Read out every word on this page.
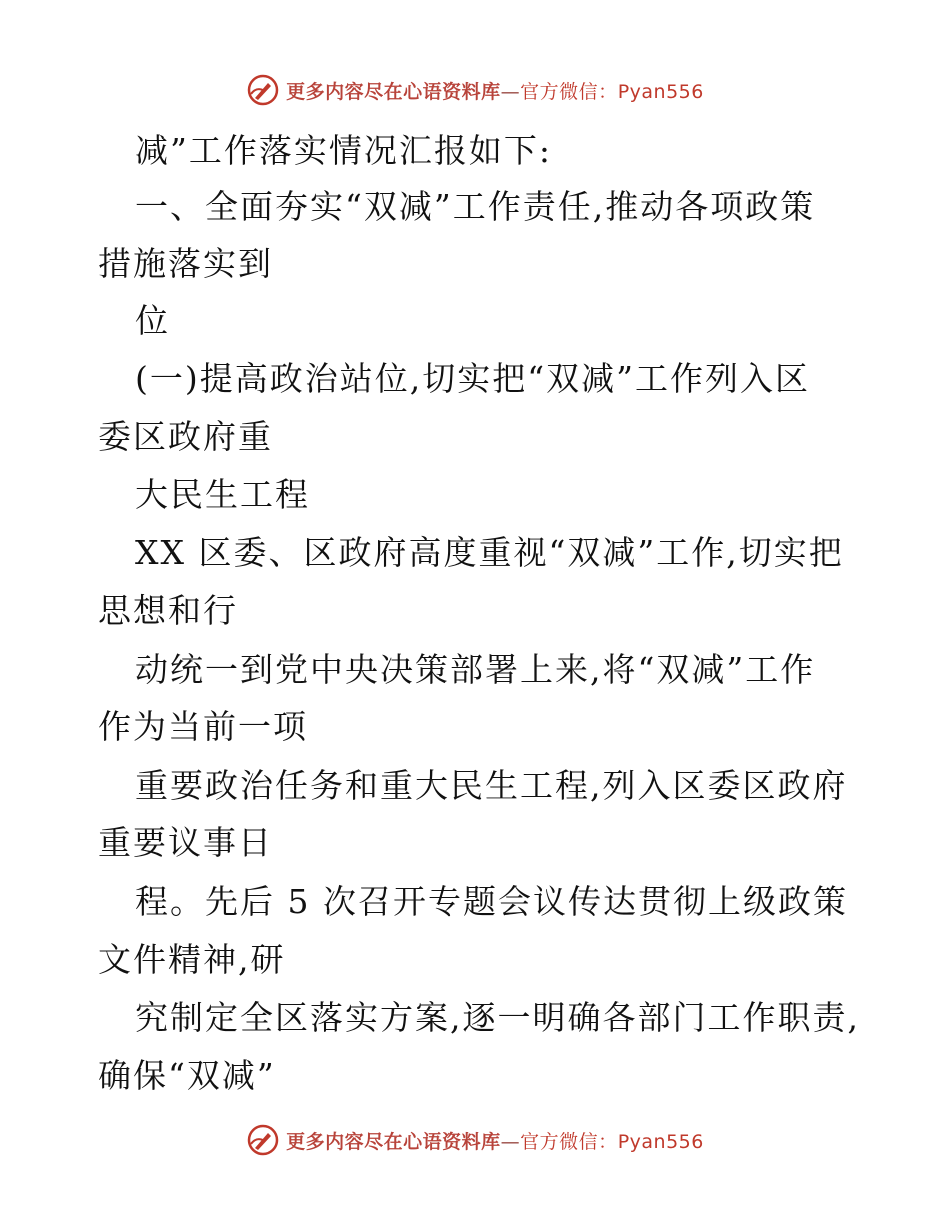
更多内容尽在心语资料库—官方微信：Pyan556
减”工作落实情况汇报如下:
一、全面夯实“双减”工作责任,推动各项政策
措施落实到
位
(一)提高政治站位,切实把“双减”工作列入区
委区政府重
大民生工程
XX 区委、区政府高度重视“双减”工作,切实把
思想和行
动统一到党中央决策部署上来,将“双减”工作
作为当前一项
重要政治任务和重大民生工程,列入区委区政府
重要议事日
程。先后 5 次召开专题会议传达贯彻上级政策
文件精神,研
究制定全区落实方案,逐一明确各部门工作职责,
确保“双减”
更多内容尽在心语资料库—官方微信：Pyan556
